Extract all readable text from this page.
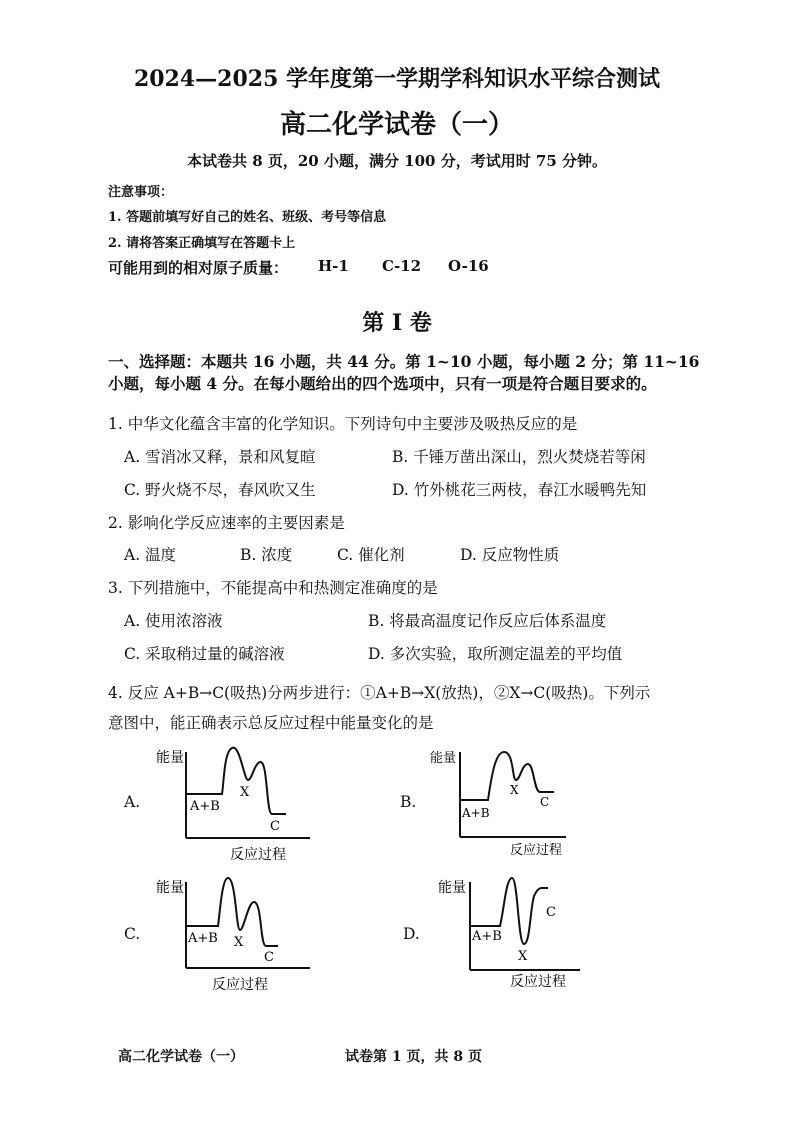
2024—2025 学年度第一学期学科知识水平综合测试
高二化学试卷（一）
本试卷共 8 页，20 小题，满分 100 分，考试用时 75 分钟。
注意事项：
1. 答题前填写好自己的姓名、班级、考号等信息
2. 请将答案正确填写在答题卡上
可能用到的相对原子质量： H-1 C-12 O-16
第 I 卷
一、选择题：本题共 16 小题，共 44 分。第 1~10 小题，每小题 2 分；第 11~16
小题，每小题 4 分。在每小题给出的四个选项中，只有一项是符合题目要求的。
1. 中华文化蕴含丰富的化学知识。下列诗句中主要涉及吸热反应的是
A. 雪消冰又释，景和风复暄	B. 千锤万凿出深山，烈火焚烧若等闲
C. 野火烧不尽，春风吹又生	D. 竹外桃花三两枝，春江水暖鸭先知
2. 影响化学反应速率的主要因素是
A. 温度	B. 浓度	C. 催化剂	D. 反应物性质
3. 下列措施中，不能提高中和热测定准确度的是
A. 使用浓溶液	B. 将最高温度记作反应后体系温度
C. 采取稍过量的碱溶液	D. 多次实验，取所测定温差的平均值
4. 反应 A+B→C(吸热)分两步进行：①A+B→X(放热)，②X→C(吸热)。下列示
意图中，能正确表示总反应过程中能量变化的是
A.
能量
A+B
X
C
反应过程
B.
能量
A+B
X
C
反应过程
C.
能量
A+B X
C
反应过程
D.
能量
A+B
X
C
反应过程
高二化学试卷（一）	试卷第 1 页，共 8 页
